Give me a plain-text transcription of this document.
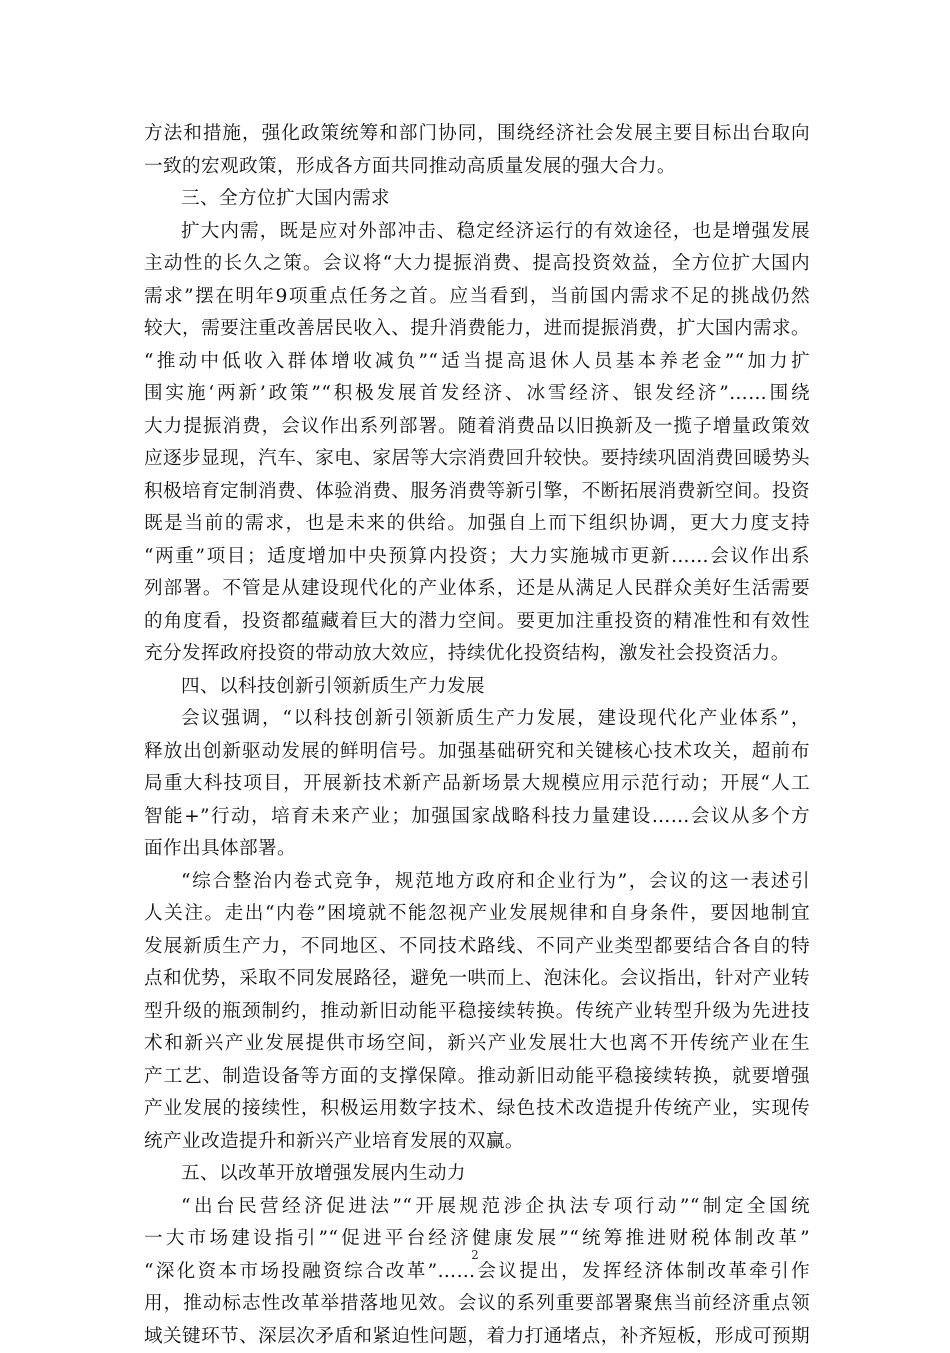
方法和措施，强化政策统筹和部门协同，围绕经济社会发展主要目标出台取向
一致的宏观政策，形成各方面共同推动高质量发展的强大合力。
三、全方位扩大国内需求
扩大内需，既是应对外部冲击、稳定经济运行的有效途径，也是增强发展
主动性的长久之策。会议将“大力提振消费、提高投资效益，全方位扩大国内
需求”摆在明年9项重点任务之首。应当看到，当前国内需求不足的挑战仍然
较大，需要注重改善居民收入、提升消费能力，进而提振消费，扩大国内需求。
“推动中低收入群体增收减负”“适当提高退休人员基本养老金”“加力扩
围实施‘两新’政策”“积极发展首发经济、冰雪经济、银发经济”……围绕
大力提振消费，会议作出系列部署。随着消费品以旧换新及一揽子增量政策效
应逐步显现，汽车、家电、家居等大宗消费回升较快。要持续巩固消费回暖势头
积极培育定制消费、体验消费、服务消费等新引擎，不断拓展消费新空间。投资
既是当前的需求，也是未来的供给。加强自上而下组织协调，更大力度支持
“两重”项目；适度增加中央预算内投资；大力实施城市更新……会议作出系
列部署。不管是从建设现代化的产业体系，还是从满足人民群众美好生活需要
的角度看，投资都蕴藏着巨大的潜力空间。要更加注重投资的精准性和有效性
充分发挥政府投资的带动放大效应，持续优化投资结构，激发社会投资活力。
四、以科技创新引领新质生产力发展
会议强调，“以科技创新引领新质生产力发展，建设现代化产业体系”，
释放出创新驱动发展的鲜明信号。加强基础研究和关键核心技术攻关，超前布
局重大科技项目，开展新技术新产品新场景大规模应用示范行动；开展“人工
智能+”行动，培育未来产业；加强国家战略科技力量建设……会议从多个方
面作出具体部署。
“综合整治内卷式竞争，规范地方政府和企业行为”，会议的这一表述引
人关注。走出“内卷”困境就不能忽视产业发展规律和自身条件，要因地制宜
发展新质生产力，不同地区、不同技术路线、不同产业类型都要结合各自的特
点和优势，采取不同发展路径，避免一哄而上、泡沫化。会议指出，针对产业转
型升级的瓶颈制约，推动新旧动能平稳接续转换。传统产业转型升级为先进技
术和新兴产业发展提供市场空间，新兴产业发展壮大也离不开传统产业在生
产工艺、制造设备等方面的支撑保障。推动新旧动能平稳接续转换，就要增强
产业发展的接续性，积极运用数字技术、绿色技术改造提升传统产业，实现传
统产业改造提升和新兴产业培育发展的双赢。
五、以改革开放增强发展内生动力
“出台民营经济促进法”“开展规范涉企执法专项行动”“制定全国统
一大市场建设指引”“促进平台经济健康发展”“统筹推进财税体制改革”
“深化资本市场投融资综合改革”……会议提出，发挥经济体制改革牵引作
用，推动标志性改革举措落地见效。会议的系列重要部署聚焦当前经济重点领
域关键环节、深层次矛盾和紧迫性问题，着力打通堵点，补齐短板，形成可预期
2
